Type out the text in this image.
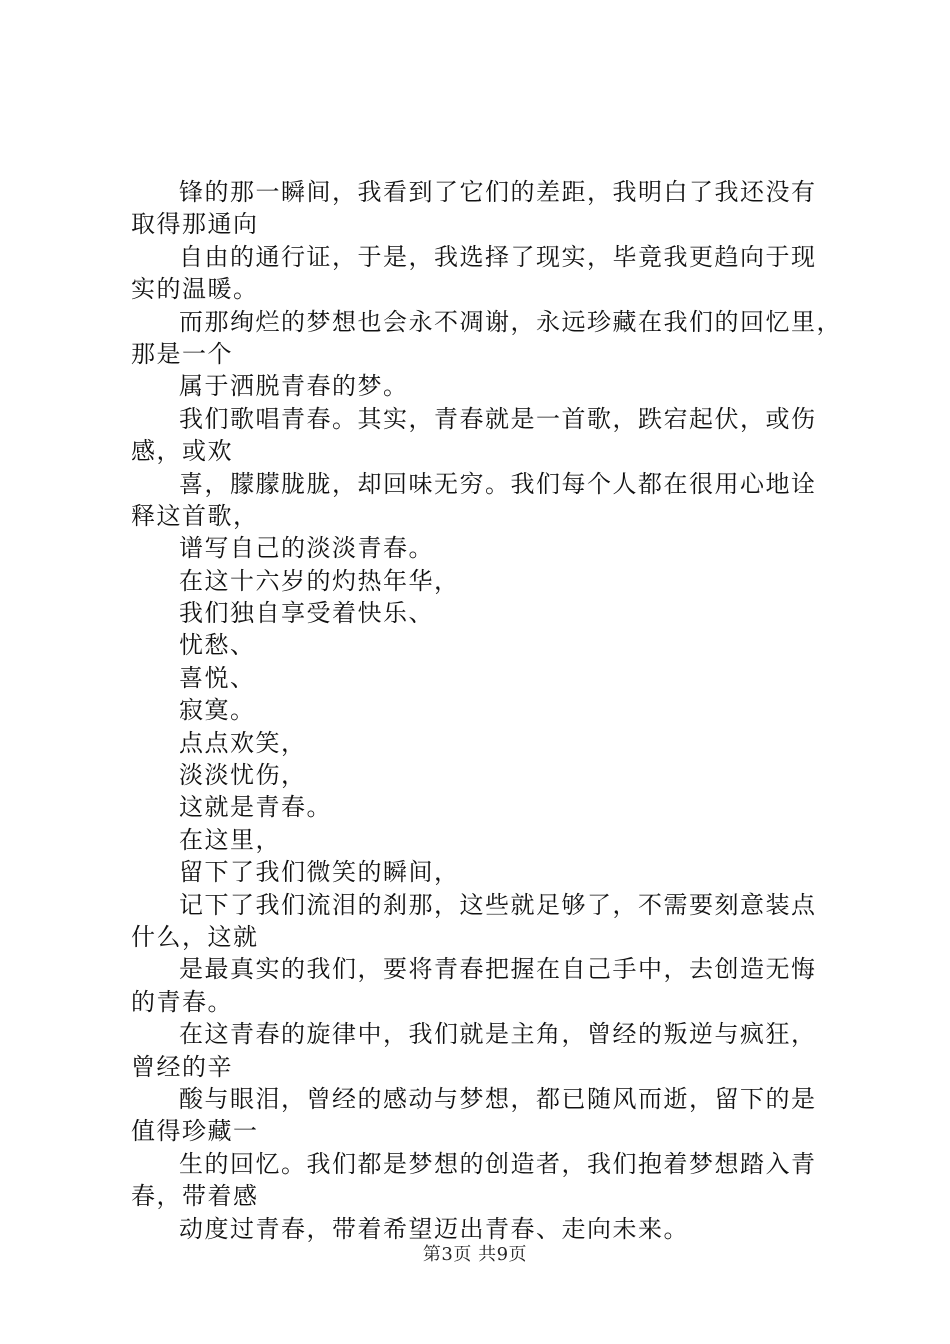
锋的那一瞬间，我看到了它们的差距，我明白了我还没有
取得那通向
自由的通行证，于是，我选择了现实，毕竟我更趋向于现
实的温暖。
而那绚烂的梦想也会永不凋谢，永远珍藏在我们的回忆里，
那是一个
属于洒脱青春的梦。
我们歌唱青春。其实，青春就是一首歌，跌宕起伏，或伤
感，或欢
喜，朦朦胧胧，却回味无穷。我们每个人都在很用心地诠
释这首歌，
谱写自己的淡淡青春。
在这十六岁的灼热年华，
我们独自享受着快乐、
忧愁、
喜悦、
寂寞。
点点欢笑，
淡淡忧伤，
这就是青春。
在这里，
留下了我们微笑的瞬间，
记下了我们流泪的刹那，这些就足够了，不需要刻意装点
什么，这就
是最真实的我们，要将青春把握在自己手中，去创造无悔
的青春。
在这青春的旋律中，我们就是主角，曾经的叛逆与疯狂，
曾经的辛
酸与眼泪，曾经的感动与梦想，都已随风而逝，留下的是
值得珍藏一
生的回忆。我们都是梦想的创造者，我们抱着梦想踏入青
春，带着感
动度过青春，带着希望迈出青春、走向未来。
第3页 共9页
